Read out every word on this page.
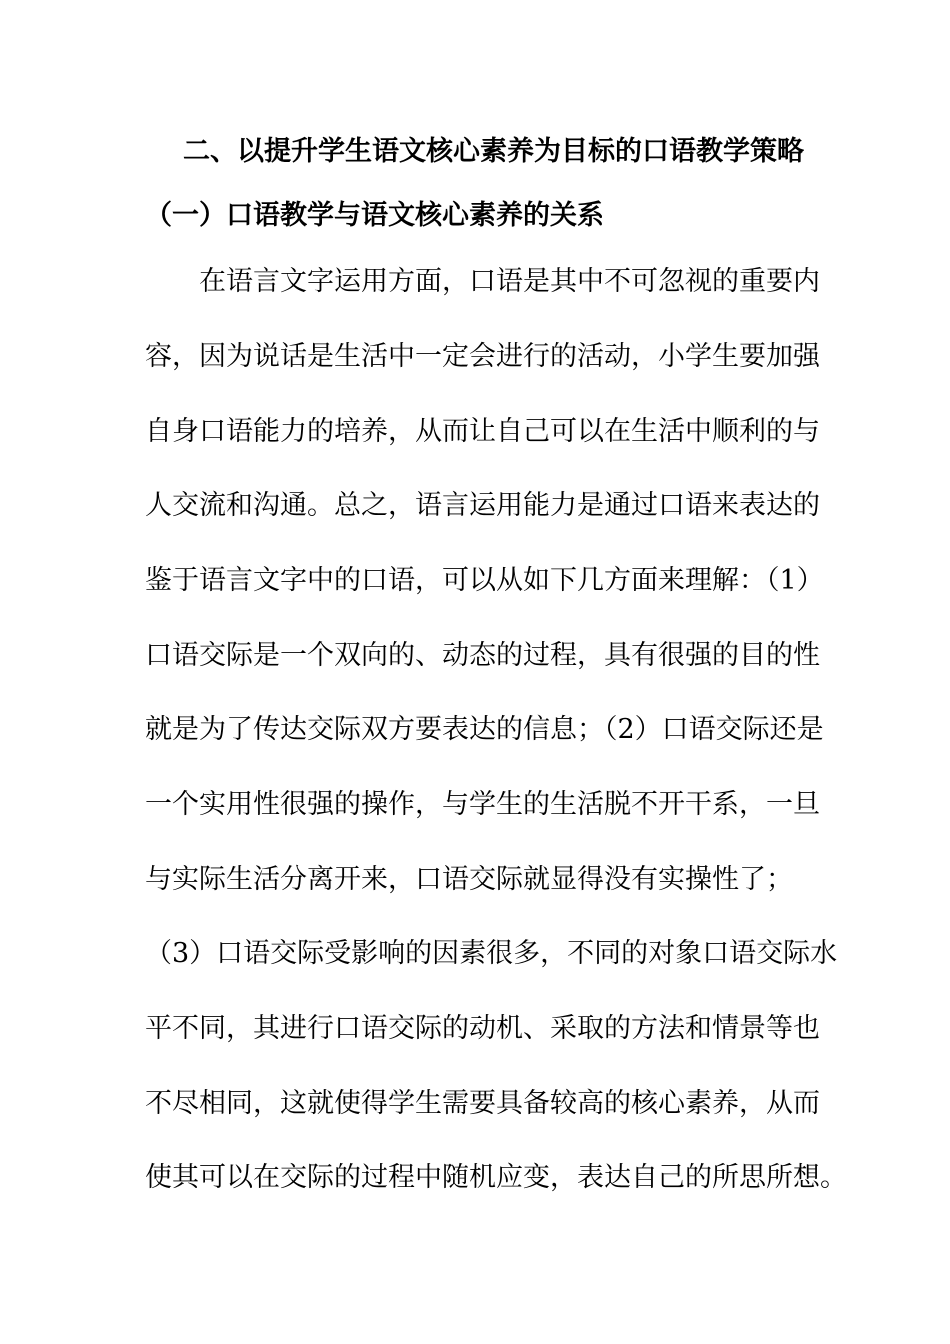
二、以提升学生语文核心素养为目标的口语教学策略
（一）口语教学与语文核心素养的关系
　　在语言文字运用方面，口语是其中不可忽视的重要内
容，因为说话是生活中一定会进行的活动，小学生要加强
自身口语能力的培养，从而让自己可以在生活中顺利的与
人交流和沟通。总之，语言运用能力是通过口语来表达的
鉴于语言文字中的口语，可以从如下几方面来理解：（1）
口语交际是一个双向的、动态的过程，具有很强的目的性
就是为了传达交际双方要表达的信息；（2）口语交际还是
一个实用性很强的操作，与学生的生活脱不开干系，一旦
与实际生活分离开来，口语交际就显得没有实操性了；
（3）口语交际受影响的因素很多，不同的对象口语交际水
平不同，其进行口语交际的动机、采取的方法和情景等也
不尽相同，这就使得学生需要具备较高的核心素养，从而
使其可以在交际的过程中随机应变，表达自己的所思所想。
